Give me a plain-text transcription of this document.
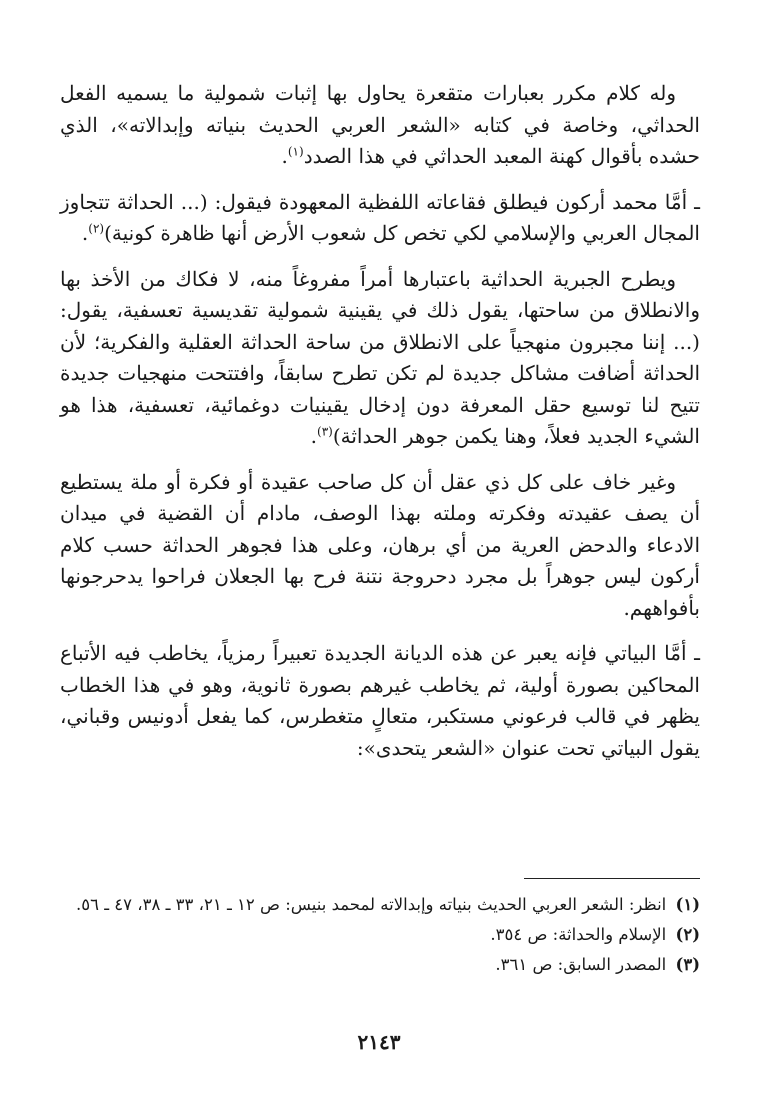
وله كلام مكرر بعبارات متقعرة يحاول بها إثبات شمولية ما يسميه الفعل الحداثي، وخاصة في كتابه «الشعر العربي الحديث بنياته وإبدالاته»، الذي حشده بأقوال كهنة المعبد الحداثي في هذا الصدد$^{(١)}$.

ـ أمَّا محمد أركون فيطلق فقاعاته اللفظية المعهودة فيقول: (... الحداثة تتجاوز المجال العربي والإسلامي لكي تخص كل شعوب الأرض أنها ظاهرة كونية)$^{(٢)}$.

ويطرح الجبرية الحداثية باعتبارها أمراً مفروغاً منه، لا فكاك من الأخذ بها والانطلاق من ساحتها، يقول ذلك في يقينية شمولية تقديسية تعسفية، يقول: (... إننا مجبرون منهجياً على الانطلاق من ساحة الحداثة العقلية والفكرية؛ لأن الحداثة أضافت مشاكل جديدة لم تكن تطرح سابقاً، وافتتحت منهجيات جديدة تتيح لنا توسيع حقل المعرفة دون إدخال يقينيات دوغمائية، تعسفية، هذا هو الشيء الجديد فعلاً، وهنا يكمن جوهر الحداثة)$^{(٣)}$.

وغير خاف على كل ذي عقل أن كل صاحب عقيدة أو فكرة أو ملة يستطيع أن يصف عقيدته وفكرته وملته بهذا الوصف، مادام أن القضية في ميدان الادعاء والدحض العرية من أي برهان، وعلى هذا فجوهر الحداثة حسب كلام أركون ليس جوهراً بل مجرد دحروجة نتنة فرح بها الجعلان فراحوا يدحرجونها بأفواههم.

ـ أمَّا البياتي فإنه يعبر عن هذه الديانة الجديدة تعبيراً رمزياً، يخاطب فيه الأتباع المحاكين بصورة أولية، ثم يخاطب غيرهم بصورة ثانوية، وهو في هذا الخطاب يظهر في قالب فرعوني مستكبر، متعالٍ متغطرس، كما يفعل أدونيس وقباني، يقول البياتي تحت عنوان «الشعر يتحدى»:

(١) انظر: الشعر العربي الحديث بنياته وإبدالاته لمحمد بنيس: ص ١٢ ـ ٢١، ٣٣ ـ ٣٨، ٤٧ ـ ٥٦.

(٢) الإسلام والحداثة: ص ٣٥٤.

(٣) المصدر السابق: ص ٣٦١.

٢١٤٣
